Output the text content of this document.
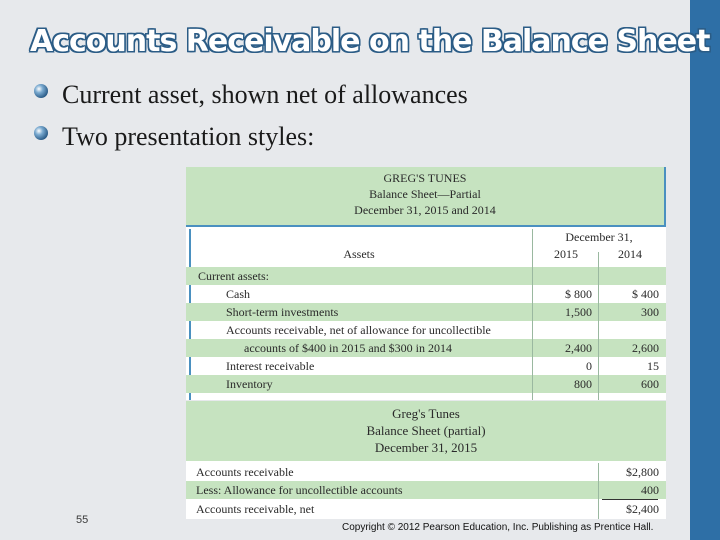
Accounts Receivable on the Balance Sheet
Current asset, shown net of allowances
Two presentation styles:
GREG'S TUNES
Balance Sheet—Partial
December 31, 2015 and 2014
Assets
December 31,
2015	2014
Current assets:
Cash	$ 800	$ 400
Short-term investments	1,500	300
Accounts receivable, net of allowance for uncollectible
accounts of $400 in 2015 and $300 in 2014	2,400	2,600
Interest receivable	0	15
Inventory	800	600
Greg's Tunes
Balance Sheet (partial)
December 31, 2015
Accounts receivable	$2,800
Less: Allowance for uncollectible accounts	400
Accounts receivable, net	$2,400
55
Copyright © 2012 Pearson Education, Inc. Publishing as Prentice Hall.
